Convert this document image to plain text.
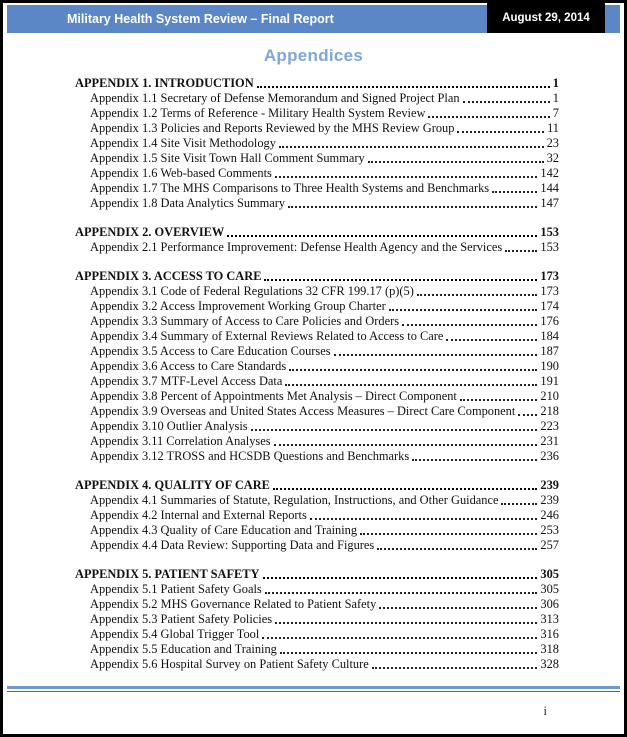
Military Health System Review – Final Report	August 29, 2014
Appendices
APPENDIX 1. INTRODUCTION	1
Appendix 1.1 Secretary of Defense Memorandum and Signed Project Plan	1
Appendix 1.2 Terms of Reference - Military Health System Review	7
Appendix 1.3 Policies and Reports Reviewed by the MHS Review Group	11
Appendix 1.4 Site Visit Methodology	23
Appendix 1.5 Site Visit Town Hall Comment Summary	32
Appendix 1.6 Web-based Comments	142
Appendix 1.7 The MHS Comparisons to Three Health Systems and Benchmarks	144
Appendix 1.8 Data Analytics Summary	147
APPENDIX 2. OVERVIEW	153
Appendix 2.1 Performance Improvement: Defense Health Agency and the Services	153
APPENDIX 3. ACCESS TO CARE	173
Appendix 3.1 Code of Federal Regulations 32 CFR 199.17 (p)(5)	173
Appendix 3.2 Access Improvement Working Group Charter	174
Appendix 3.3 Summary of Access to Care Policies and Orders	176
Appendix 3.4 Summary of External Reviews Related to Access to Care	184
Appendix 3.5 Access to Care Education Courses	187
Appendix 3.6 Access to Care Standards	190
Appendix 3.7 MTF-Level Access Data	191
Appendix 3.8 Percent of Appointments Met Analysis – Direct Component	210
Appendix 3.9 Overseas and United States Access Measures – Direct Care Component 218
Appendix 3.10 Outlier Analysis	223
Appendix 3.11 Correlation Analyses	231
Appendix 3.12 TROSS and HCSDB Questions and Benchmarks	236
APPENDIX 4. QUALITY OF CARE	239
Appendix 4.1 Summaries of Statute, Regulation, Instructions, and Other Guidance	239
Appendix 4.2 Internal and External Reports	246
Appendix 4.3 Quality of Care Education and Training	253
Appendix 4.4 Data Review: Supporting Data and Figures	257
APPENDIX 5. PATIENT SAFETY	305
Appendix 5.1 Patient Safety Goals	305
Appendix 5.2 MHS Governance Related to Patient Safety	306
Appendix 5.3 Patient Safety Policies	313
Appendix 5.4 Global Trigger Tool	316
Appendix 5.5 Education and Training	318
Appendix 5.6 Hospital Survey on Patient Safety Culture	328
i
